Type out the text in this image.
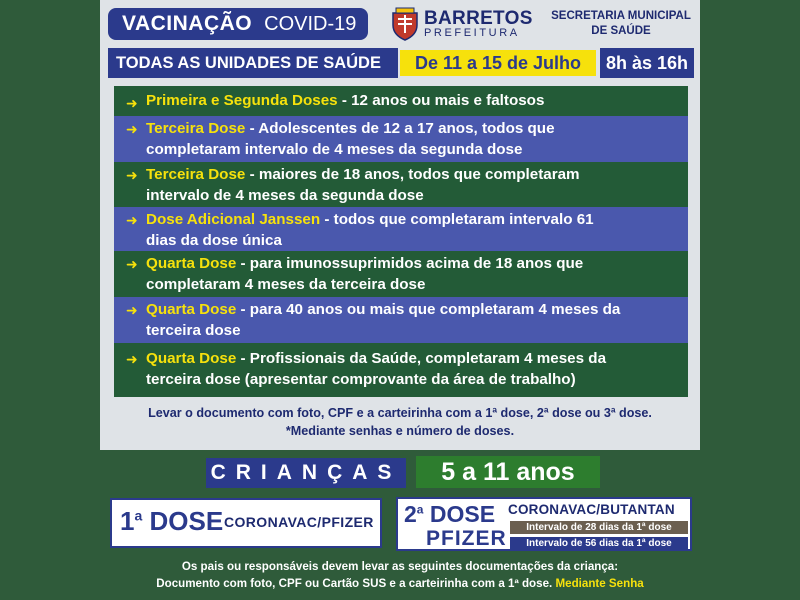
VACINAÇÃO COVID-19	BARRETOS
PREFEITURA
SECRETARIA MUNICIPAL
DE SAÚDE
TODAS AS UNIDADES DE SAÚDE	De 11 a 15 de Julho	8h às 16h
➜ Primeira e Segunda Doses - 12 anos ou mais e faltosos
➜ Terceira Dose - Adolescentes de 12 a 17 anos, todos que
completaram intervalo de 4 meses da segunda dose
➜ Terceira Dose - maiores de 18 anos, todos que completaram
intervalo de 4 meses da segunda dose
➜ Dose Adicional Janssen - todos que completaram intervalo 61
dias da dose única
➜ Quarta Dose - para imunossuprimidos acima de 18 anos que
completaram 4 meses da terceira dose
➜ Quarta Dose - para 40 anos ou mais que completaram 4 meses da
terceira dose
➜ Quarta Dose - Profissionais da Saúde, completaram 4 meses da
terceira dose (apresentar comprovante da área de trabalho)
Levar o documento com foto, CPF e a carteirinha com a 1ª dose, 2ª dose ou 3ª dose.
*Mediante senhas e número de doses.
CRIANÇAS	5 a 11 anos
1$^a$ DOSE CORONAVAC/PFIZER 2$^a$ DOSE
PFIZER
CORONAVAC/BUTANTAN
Intervalo de 28 dias da 1ª dose
Intervalo de 56 dias da 1ª dose
Os pais ou responsáveis devem levar as seguintes documentações da criança:
Documento com foto, CPF ou Cartão SUS e a carteirinha com a 1ª dose. Mediante Senha
